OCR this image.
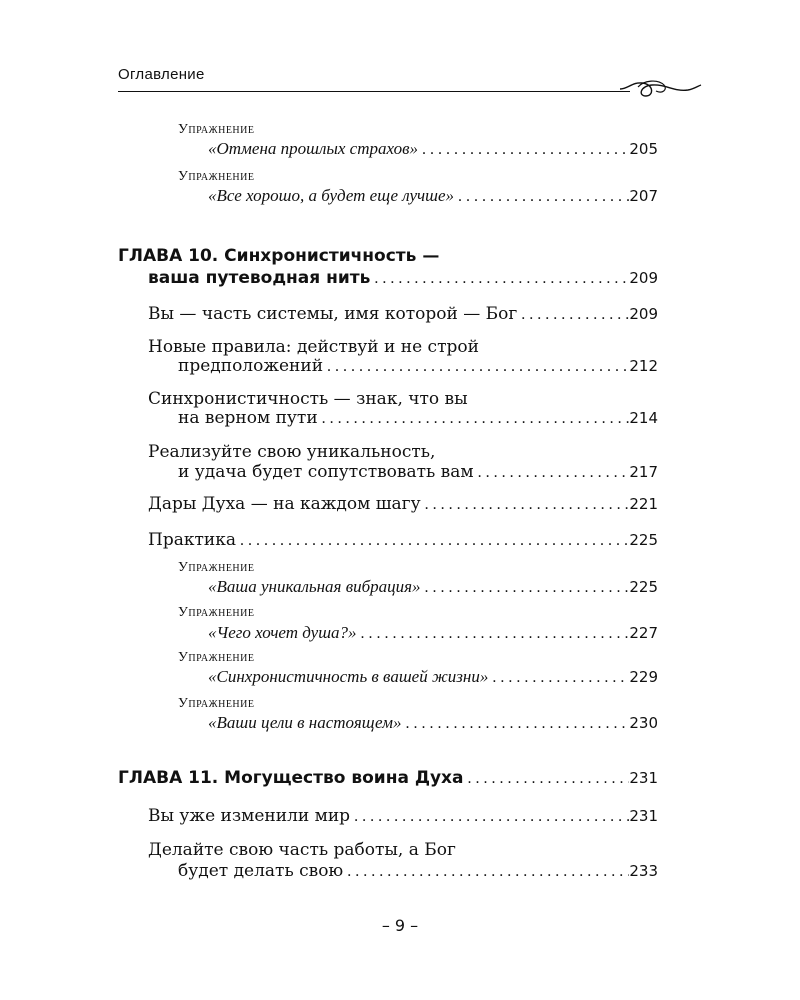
Оглавление
Упражнение
«Отмена прошлых страхов» . . .	205
Упражнение
«Все хорошо, а будет еще лучше» . . .	207
ГЛАВА 10. Синхронистичность —
ваша путеводная нить . . .	209
Вы — часть системы, имя которой — Бог . . .	209
Новые правила: действуй и не строй
предположений . . .	212
Синхронистичность — знак, что вы
на верном пути . . .	214
Реализуйте свою уникальность,
и удача будет сопутствовать вам . . .	217
Дары Духа — на каждом шагу . . .	221
Практика . . .	225
Упражнение
«Ваша уникальная вибрация» . . .	225
Упражнение
«Чего хочет душа?» . . .	227
Упражнение
«Синхронистичность в вашей жизни» . . .	229
Упражнение
«Ваши цели в настоящем» . . .	230
ГЛАВА 11. Могущество воина Духа . . .	231
Вы уже изменили мир . . .	231
Делайте свою часть работы, а Бог
будет делать свою . . .	233
– 9 –
